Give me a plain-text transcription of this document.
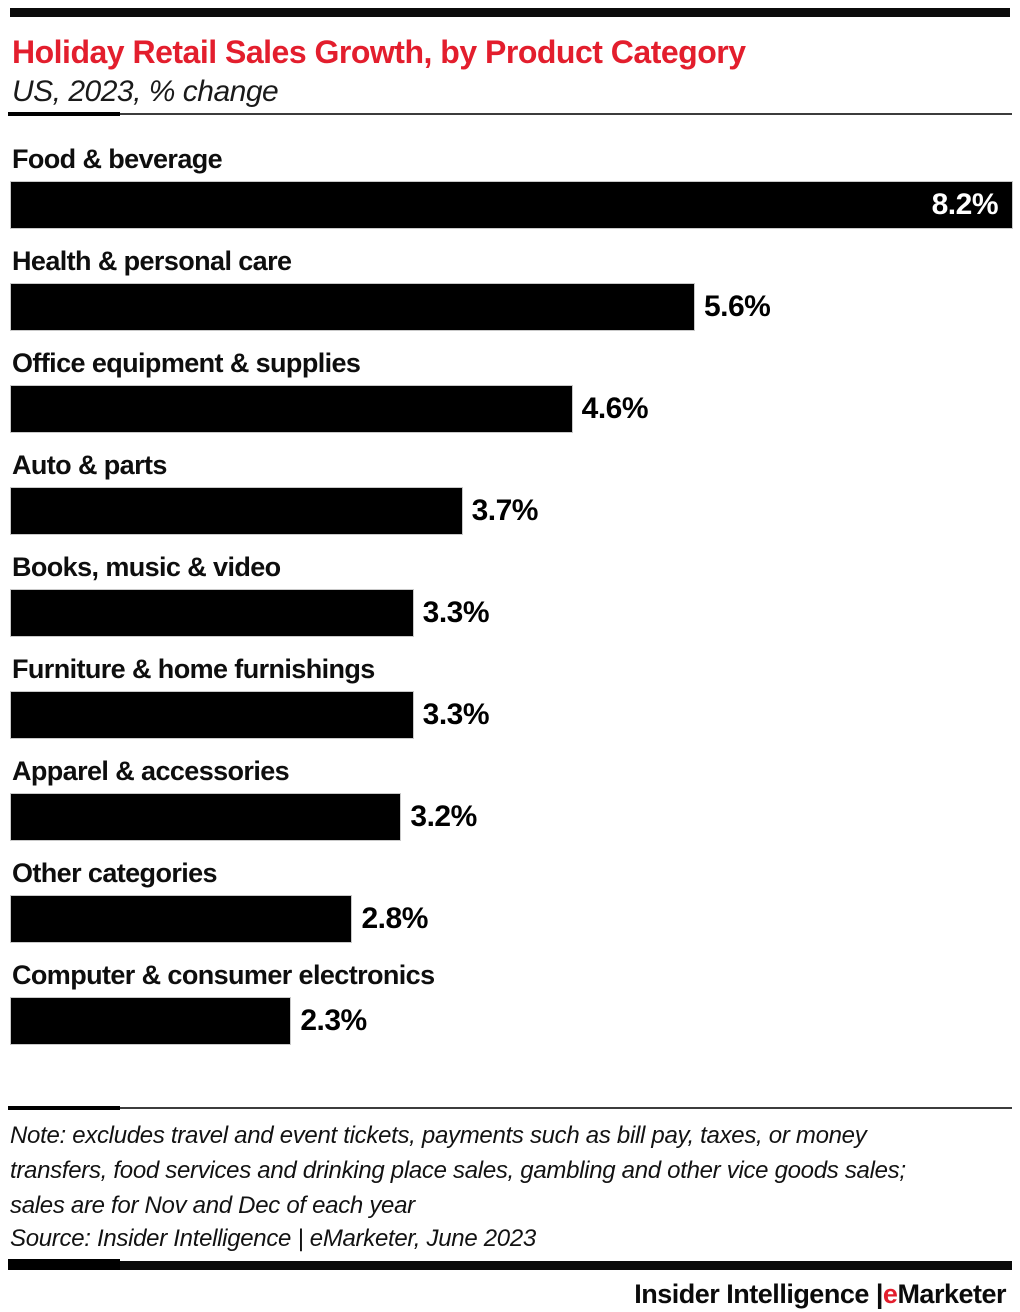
Holiday Retail Sales Growth, by Product Category
US, 2023, % change
Food & beverage
8.2%
Health & personal care
5.6%
Office equipment & supplies
4.6%
Auto & parts
3.7%
Books, music & video
3.3%
Furniture & home furnishings
3.3%
Apparel & accessories
3.2%
Other categories
2.8%
Computer & consumer electronics
2.3%

Note: excludes travel and event tickets, payments such as bill pay, taxes, or money transfers, food services and drinking place sales, gambling and other vice goods sales; sales are for Nov and Dec of each year

Source: Insider Intelligence | eMarketer, June 2023

Insider Intelligence |eMarketer
